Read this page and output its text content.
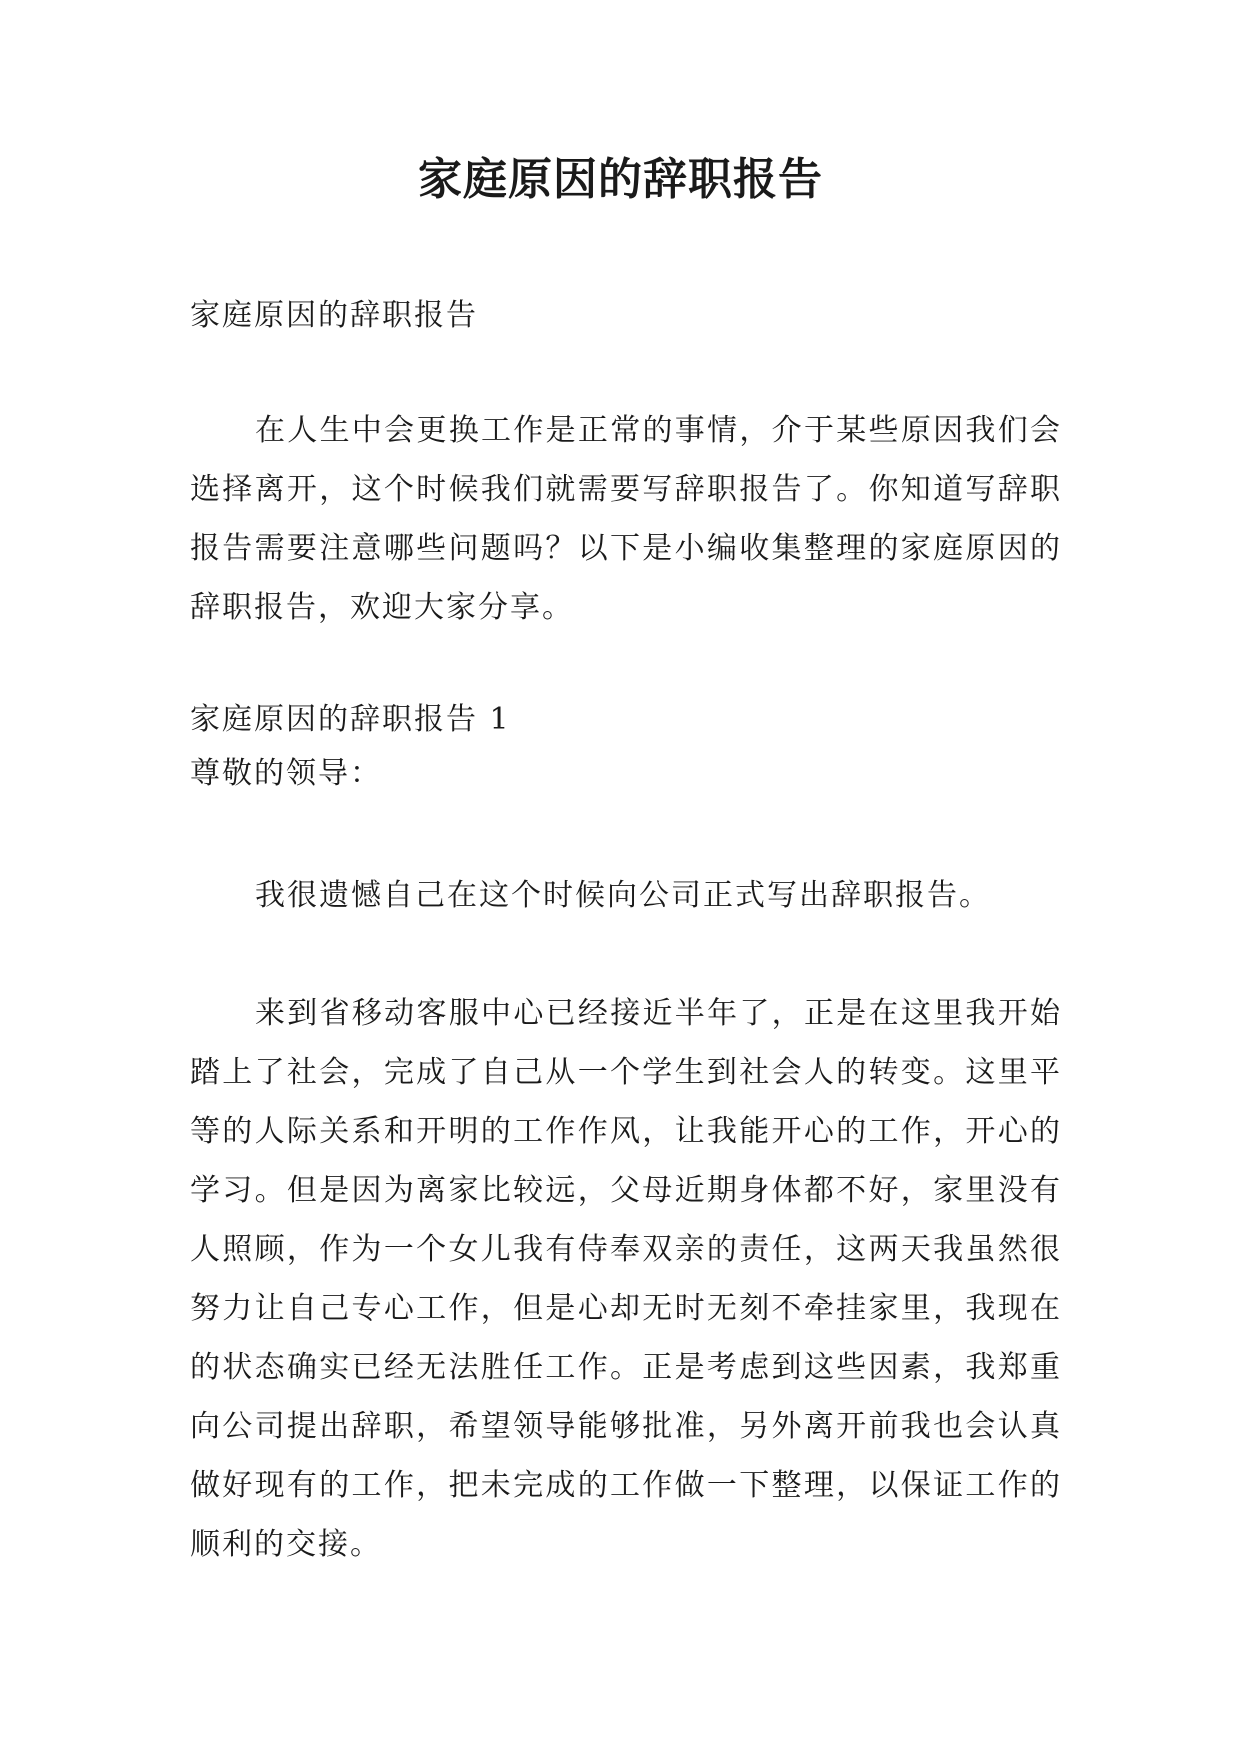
家庭原因的辞职报告

家庭原因的辞职报告

在人生中会更换工作是正常的事情，介于某些原因我们会选择离开，这个时候我们就需要写辞职报告了。你知道写辞职报告需要注意哪些问题吗？以下是小编收集整理的家庭原因的辞职报告，欢迎大家分享。

家庭原因的辞职报告 1

尊敬的领导：

我很遗憾自己在这个时候向公司正式写出辞职报告。

来到省移动客服中心已经接近半年了，正是在这里我开始踏上了社会，完成了自己从一个学生到社会人的转变。这里平等的人际关系和开明的工作作风，让我能开心的工作，开心的学习。但是因为离家比较远，父母近期身体都不好，家里没有人照顾，作为一个女儿我有侍奉双亲的责任，这两天我虽然很努力让自己专心工作，但是心却无时无刻不牵挂家里，我现在的状态确实已经无法胜任工作。正是考虑到这些因素，我郑重向公司提出辞职，希望领导能够批准，另外离开前我也会认真做好现有的工作，把未完成的工作做一下整理，以保证工作的顺利的交接。
